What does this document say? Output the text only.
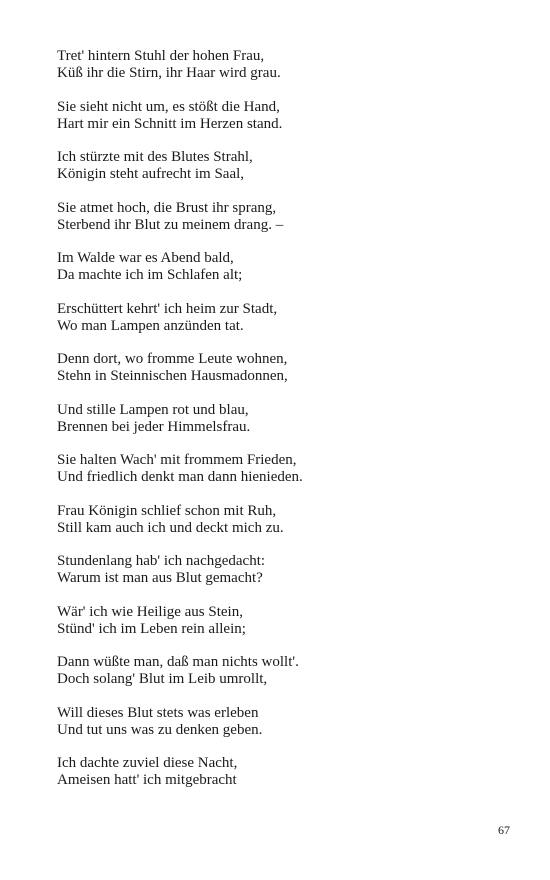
Tret' hintern Stuhl der hohen Frau,
Küß ihr die Stirn, ihr Haar wird grau.
Sie sieht nicht um, es stößt die Hand,
Hart mir ein Schnitt im Herzen stand.
Ich stürzte mit des Blutes Strahl,
Königin steht aufrecht im Saal,
Sie atmet hoch, die Brust ihr sprang,
Sterbend ihr Blut zu meinem drang. –
Im Walde war es Abend bald,
Da machte ich im Schlafen alt;
Erschüttert kehrt' ich heim zur Stadt,
Wo man Lampen anzünden tat.
Denn dort, wo fromme Leute wohnen,
Stehn in Steinnischen Hausmadonnen,
Und stille Lampen rot und blau,
Brennen bei jeder Himmelsfrau.
Sie halten Wach' mit frommem Frieden,
Und friedlich denkt man dann hienieden.
Frau Königin schlief schon mit Ruh,
Still kam auch ich und deckt mich zu.
Stundenlang hab' ich nachgedacht:
Warum ist man aus Blut gemacht?
Wär' ich wie Heilige aus Stein,
Stünd' ich im Leben rein allein;
Dann wüßte man, daß man nichts wollt'.
Doch solang' Blut im Leib umrollt,
Will dieses Blut stets was erleben
Und tut uns was zu denken geben.
Ich dachte zuviel diese Nacht,
Ameisen hatt' ich mitgebracht
67
